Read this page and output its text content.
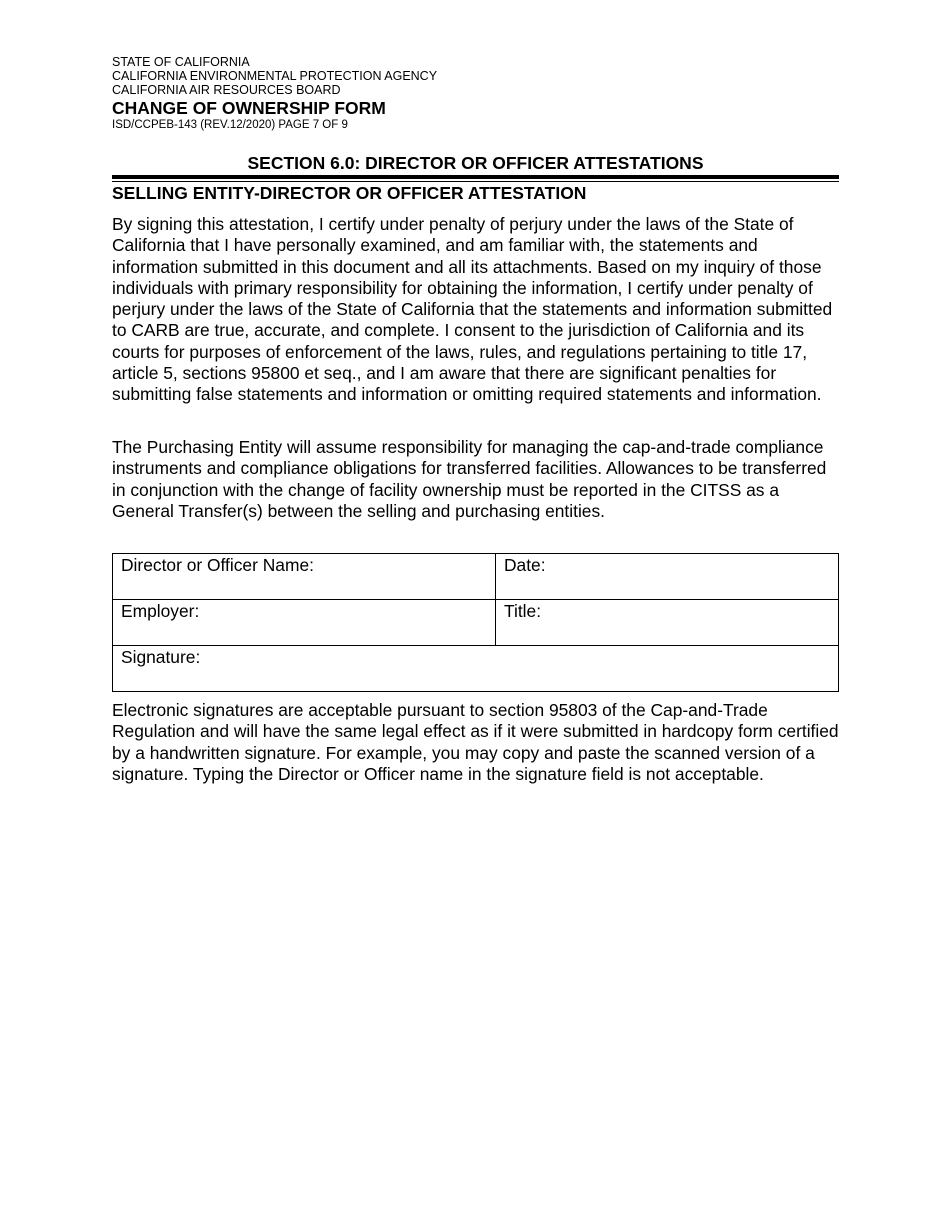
STATE OF CALIFORNIA

CALIFORNIA ENVIRONMENTAL PROTECTION AGENCY

CALIFORNIA AIR RESOURCES BOARD

CHANGE OF OWNERSHIP FORM

ISD/CCPEB-143 (REV.12/2020) PAGE 7 OF 9

SECTION 6.0: DIRECTOR OR OFFICER ATTESTATIONS
SELLING ENTITY-DIRECTOR OR OFFICER ATTESTATION

By signing this attestation, I certify under penalty of perjury under the laws of the State of California that I have personally examined, and am familiar with, the statements and information submitted in this document and all its attachments. Based on my inquiry of those individuals with primary responsibility for obtaining the information, I certify under penalty of perjury under the laws of the State of California that the statements and information submitted to CARB are true, accurate, and complete. I consent to the jurisdiction of California and its courts for purposes of enforcement of the laws, rules, and regulations pertaining to title 17, article 5, sections 95800 et seq., and I am aware that there are significant penalties for submitting false statements and information or omitting required statements and information.

The Purchasing Entity will assume responsibility for managing the cap-and-trade compliance instruments and compliance obligations for transferred facilities. Allowances to be transferred in conjunction with the change of facility ownership must be reported in the CITSS as a General Transfer(s) between the selling and purchasing entities.

Director or Officer Name:	Date:
Employer:	Title:
Signature:	

Electronic signatures are acceptable pursuant to section 95803 of the Cap-and-Trade Regulation and will have the same legal effect as if it were submitted in hardcopy form certified by a handwritten signature. For example, you may copy and paste the scanned version of a signature. Typing the Director or Officer name in the signature field is not acceptable.
